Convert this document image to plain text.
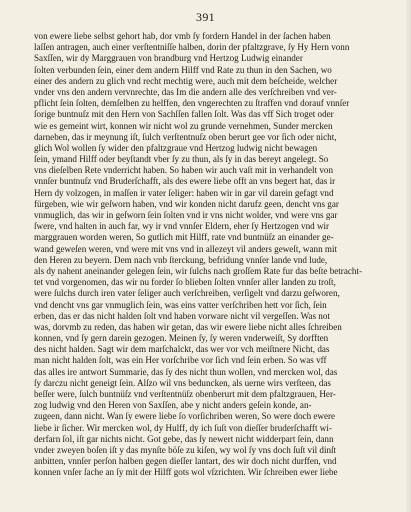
391
von ewere liebe selbst gehort hab, dor vmb ſy fordern Handel in der ſachen haben
laſſen antragen, auch einer verſtentniſſe halben, dorin der pfaltzgrave, ſy Hy Hern vonn
Saxſſen, wir dy Marggrauen von brandburg vnd Hertzog Ludwig einander
ſolten verbunden ſein, einer dem andern Hilff vnd Rate zu thun in den Sachen, wo
einer des andern zu glich vnd recht mechtig were, auch mit dem beſcheide, welcher
vnder vns den andern vervnrechte, das Im die andern alle des verſchreiben vnd ver-
pflicht ſein ſolten, demſelben zu helffen, den vngerechten zu ſtraffen vnd dorauf vnnſer
ſorige buntnuſz mit den Hern von Sachſſen fallen ſolt. Was das vff Sich troget oder
wie es gemeint wirt, konnen wir nicht wol zu grunde vernehmen, Sunder mercken
darneben, das ir meynung iſt, ſulch verſtentnuſz oben berurt gee vor ſich oder nicht,
glich Wol wollen ſy wider den pfaltzgraue vnd Hertzog ludwig nicht bewagen
ſein, ymand Hilff oder beyſtandt vber ſy zu thun, als ſy in das bereyt angelegt. So
vns dieſelben Rete vnderricht haben. So haben wir auch vaſt mit in verhandelt von
vnnſer buntnuſz vnd Bruderſchafft, als des ewere liebe offt an vns begert hat, das ir
Hern dy volzogen, in maſſen ir vater ſeliger: haben wir in gar vil darein gefagt vnd
fürgeben, wie wir geſworn haben, vnd wir konden nicht darufz geen, dencht vns gar
vnmuglich, das wir in geſworn ſein ſolten vnd ir vns nicht wolder, vnd were vns gar
ſwere, vnd halten in auch far, wy ir vnd vnnſer Eldern, eher ſy Hertzogen vnd wir
marggrauen worden weren, So gutlich mit Hilff, rate vnd buntnüſz an einander ge-
wand geweſen weren, vnd were mit vns vnd in allezeyt vil anders geweſt, wann mit
den Heren zu beyern. Dem nach vnb ſterckung, befridung vnnſer lande vnd lude,
als dy nahent aneinander gelegen ſein, wir ſulchs nach groſſem Rate fur das beſte betracht-
tet vnd vorgenomen, das wir nu forder ſo blieben ſolten vnnſer aller landen zu troſt,
were ſulchs durch iren vater ſeliger auch verſchreiben, verſigelt vnd darzu geſworen,
vnd dencht vns gar vnmuglich ſein, was eins vatter verſchriben hett vor ſich, ſein
erben, das er das nicht halden ſolt vnd haben vorware nicht vil vergeſſen. Was not
was, dorvmb zu reden, das haben wir getan, das wir ewere liebe nicht alles ſchreiben
konnen, vnd ſy gern darein gezogen. Meinen ſy, ſy weren vnderweiſt, Sy dorfften
des nicht halden. Sagt wir dem marſchalckt, das wer vor vch meiſtnere Nicht, das
man nicht halden ſolt, was ein Her vorſchribe vor ſich vnd ſein erben. So was vff
das alles ire antwort Summarie, das ſy des nicht thun wollen, vnd mercken wol, das
ſy darczu nicht geneigt ſein. Alſzo wil vns beduncken, als uerne wirs verſteen, das
beſſer were, ſulch buntnüſz vnd verſtentnüſz obenberurt mit dem pfaltzgrauen, Her-
zog ludwig vnd den Heren von Saxſſen, abe y nicht anders geſein konde, an-
zugeen, dann nicht. Wan ſy ewere liebe ſo vorſichriben weren, So were doch ewere
liebe ir ſicher. Wir mercken wol, dy Hulff, dy ich ſuſt von dieſſer bruderſchafft wi-
derfarn ſol, iſt gar nichts nicht. Got gebe, das ſy newert nicht widderpart ſein, dann
vnder zweyen boſen iſt y das mynſte böſe zu kiſen, wy wol ſy vns doch ſuſt vil dinſt
anbitten, vnnſer perſon halben gegen dieſſer lantart, des wir doch nicht durffen, vnd
konnen vnſer ſache an ſy mit der Hilff gots wol vſzrichten. Wir ſchreiben ewer liebe
